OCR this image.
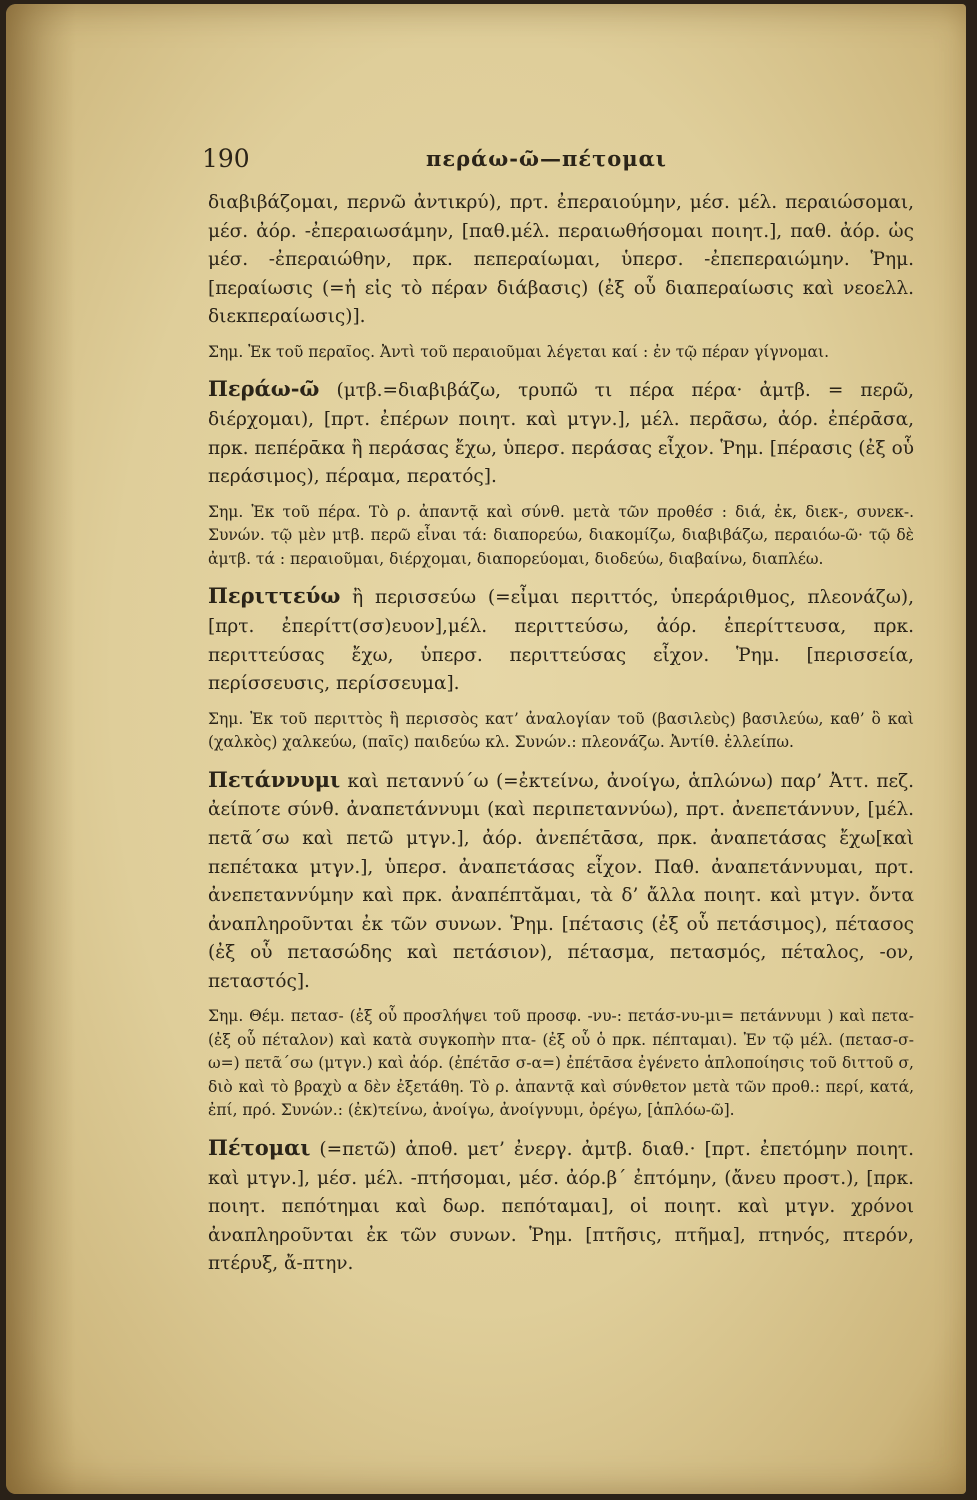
190	περάω-ῶ—πέτομαι

διαβιβάζομαι, περνῶ ἀντικρύ), πρτ. ἐπεραιούμην, μέσ. μέλ. περαιώσομαι, μέσ. ἀόρ. -ἐπεραιωσάμην, [παθ.μέλ. περαιωθήσομαι ποιητ.], παθ. ἀόρ. ὡς μέσ. -ἐπεραιώθην, πρκ. πεπεραίωμαι, ὑπερσ. -ἐπεπεραιώμην. Ῥημ. [περαίωσις (=ἡ εἰς τὸ πέραν διάβασις) (ἐξ οὗ διαπεραίωσις καὶ νεοελλ. διεκπεραίωσις)].

Σημ. Ἐκ τοῦ περαῖος. Ἀντὶ τοῦ περαιοῦμαι λέγεται καί : ἐν τῷ πέραν γίγνομαι.

Περάω-ῶ (μτβ.=διαβιβάζω, τρυπῶ τι πέρα πέρα· ἀμτβ. = περῶ, διέρχομαι), [πρτ. ἐπέρων ποιητ. καὶ μτγν.], μέλ. περᾶσω, ἀόρ. ἐπέρᾱσα, πρκ. πεπέρᾱκα ἢ περάσας ἔχω, ὑπερσ. περάσας εἶχον. Ῥημ. [πέρασις (ἐξ οὗ περάσιμος), πέραμα, περατός].

Σημ. Ἐκ τοῦ πέρα. Τὸ ρ. ἀπαντᾷ καὶ σύνθ. μετὰ τῶν προθέσ : διά, ἐκ, διεκ-, συνεκ-. Συνών. τῷ μὲν μτβ. περῶ εἶναι τά: διαπορεύω, διακομίζω, διαβιβάζω, περαιόω-ῶ· τῷ δὲ ἀμτβ. τά : περαιοῦμαι, διέρχομαι, διαπορεύομαι, διοδεύω, διαβαίνω, διαπλέω.

Περιττεύω ἢ περισσεύω (=εἶμαι περιττός, ὑπεράριθμος, πλεονάζω), [πρτ. ἐπερίττ(σσ)ευον],μέλ. περιττεύσω, ἀόρ. ἐπερίττευσα, πρκ. περιττεύσας ἔχω, ὑπερσ. περιττεύσας εἶχον. Ῥημ. [περισσεία, περίσσευσις, περίσσευμα].

Σημ. Ἐκ τοῦ περιττὸς ἢ περισσὸς κατ’ ἀναλογίαν τοῦ (βασιλεὺς) βασιλεύω, καθ’ ὃ καὶ (χαλκὸς) χαλκεύω, (παῖς) παιδεύω κλ. Συνών.: πλεονάζω. Ἀντίθ. ἐλλείπω.

Πετάννυμι καὶ πεταννύ´ω (=ἐκτείνω, ἀνοίγω, ἁπλώνω) παρ’ Ἀττ. πεζ. ἀείποτε σύνθ. ἀναπετάννυμι (καὶ περιπεταννύω), πρτ. ἀνεπετάννυν, [μέλ. πετᾶ´σω καὶ πετῶ μτγν.], ἀόρ. ἀνεπέτᾱσα, πρκ. ἀναπετάσας ἔχω[καὶ πεπέτακα μτγν.], ὑπερσ. ἀναπετάσας εἶχον. Παθ. ἀναπετάννυμαι, πρτ. ἀνεπεταννύμην καὶ πρκ. ἀναπέπτᾰμαι, τὰ δ’ ἄλλα ποιητ. καὶ μτγν. ὄντα ἀναπληροῦνται ἐκ τῶν συνων. Ῥημ. [πέτασις (ἐξ οὗ πετάσιμος), πέτασος (ἐξ οὗ πετασώδης καὶ πετάσιον), πέτασμα, πετασμός, πέταλος, -ον, πεταστός].

Σημ. Θέμ. πετασ- (ἐξ οὗ προσλήψει τοῦ προσφ. -νυ-: πετάσ-νυ-μι= πετάννυμι ) καὶ πετα- (ἐξ οὗ πέταλον) καὶ κατὰ συγκοπὴν πτα- (ἐξ οὗ ὁ πρκ. πέπταμαι). Ἐν τῷ μέλ. (πετασ-σ-ω=) πετᾶ´σω (μτγν.) καὶ ἀόρ. (ἐπέτᾱσ σ-α=) ἐπέτᾱσα ἐγένετο ἁπλοποίησις τοῦ διττοῦ σ, διὸ καὶ τὸ βραχὺ α δὲν ἐξετάθη. Τὸ ρ. ἀπαντᾷ καὶ σύνθετον μετὰ τῶν προθ.: περί, κατά, ἐπί, πρό. Συνών.: (ἐκ)τείνω, ἀνοίγω, ἀνοίγνυμι, ὀρέγω, [ἁπλόω-ῶ].

Πέτομαι (=πετῶ) ἀποθ. μετ’ ἐνεργ. ἀμτβ. διαθ.· [πρτ. ἐπετόμην ποιητ. καὶ μτγν.], μέσ. μέλ. -πτήσομαι, μέσ. ἀόρ.β´ ἐπτόμην, (ἄνευ προστ.), [πρκ. ποιητ. πεπότημαι καὶ δωρ. πεπόταμαι], οἱ ποιητ. καὶ μτγν. χρόνοι ἀναπληροῦνται ἐκ τῶν συνων. Ῥημ. [πτῆσις, πτῆμα], πτηνός, πτερόν, πτέρυξ, ἄ-πτην.
